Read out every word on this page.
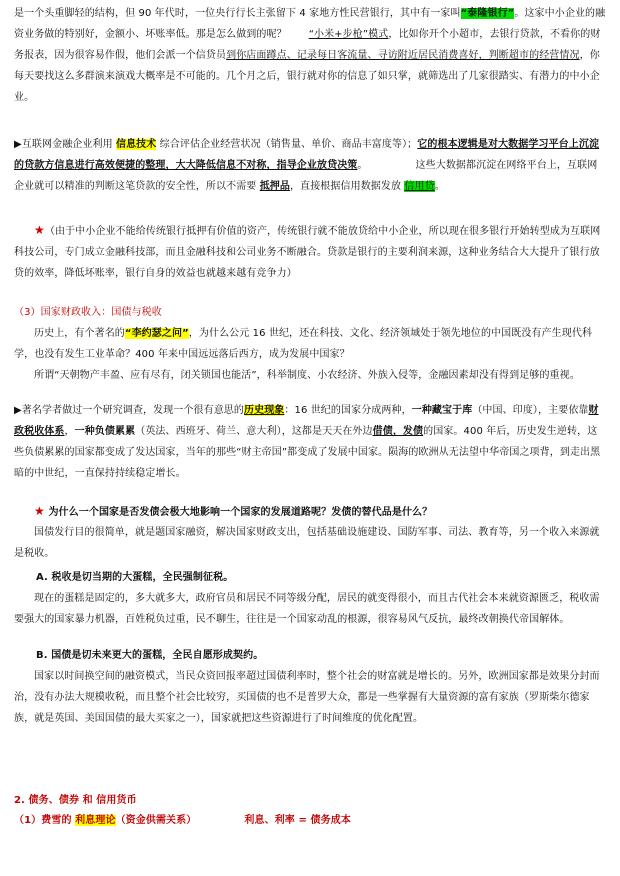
是一个头重脚轻的结构，但 90 年代时，一位央行行长主张留下 4 家地方性民营银行，其中有一家叫“泰隆银行”。这家中小企业的融资业务做的特别好，金额小、坏账率低。那是怎么做到的呢？ “小米+步枪”模式，比如你开个小超市，去银行贷款，不看你的财务报表，因为很容易作假，他们会派一个信贷员到你店面蹲点、记录每日客流量、寻访附近居民消费喜好，判断超市的经营情况，你每天要找这么多群演来演戏大概率是不可能的。几个月之后，银行就对你的信息了如只掌，就筛选出了几家很踏实、有潜力的中小企业。
▶互联网金融企业利用 信息技术 综合评估企业经营状况（销售量、单价、商品丰富度等）；它的根本逻辑是对大数据学习平台上沉淀的贷款方信息进行高效便捷的整理，大大降低信息不对称，指导企业放贷决策。	这些大数据都沉淀在网络平台上，互联网企业就可以精准的判断这笔贷款的安全性，所以不需要 抵押品，直接根据信用数据发放 信用贷。
★（由于中小企业不能给传统银行抵押有价值的资产，传统银行就不能放贷给中小企业，所以现在很多银行开始转型成为互联网科技公司，专门成立金融科技部，而且金融科技和公司业务不断融合。贷款是银行的主要利润来源，这种业务结合大大提升了银行放贷的效率，降低坏账率，银行自身的效益也就越来越有竞争力）
（3）国家财政收入：国债与税收
历史上，有个著名的“李约瑟之问”，为什么公元 16 世纪，还在科技、文化、经济领域处于领先地位的中国既没有产生现代科学，也没有发生工业革命？400 年来中国远远落后西方，成为发展中国家？
所谓“天朝物产丰盈、应有尽有，闭关锁国也能活”，科举制度、小农经济、外族入侵等，金融因素却没有得到足够的重视。
▶著名学者做过一个研究调查，发现一个很有意思的历史现象：16 世纪的国家分成两种，一种藏宝于库（中国、印度），主要依靠财政税收体系，一种负债累累（英法、西班牙、荷兰、意大利），这都是天天在外边借债，发债的国家。400 年后，历史发生逆转，这些负债累累的国家都变成了发达国家，当年的那些“财主帝国”都变成了发展中国家。陨海的欧洲从无法望中华帝国之项背，到走出黑暗的中世纪，一直保持持续稳定增长。
★ 为什么一个国家是否发债会极大地影响一个国家的发展道路呢？发债的替代品是什么？
国债发行目的很简单，就是题国家融资，解决国家财政支出，包括基础设施建设、国防军事、司法、教育等，另一个收入来源就是税收。
A. 税收是切当期的大蛋糕，全民强制征税。
现在的蛋糕是固定的，多大就多大，政府官员和居民不同等级分配，居民的就变得很小，而且古代社会本来就资源匮乏，税收需要强大的国家暴力机器，百姓税负过重，民不聊生，往往是一个国家动乱的根源，很容易风气反抗，最终改朝换代帝国解体。
B. 国债是切未来更大的蛋糕，全民自愿形成契约。
国家以时间换空间的融资模式，当民众资回报率超过国债利率时，整个社会的财富就是增长的。另外，欧洲国家都是效果分封而治，没有办法大规模收税，而且整个社会比较穷，买国债的也不是普罗大众，都是一些掌握有大量资源的富有家族（罗斯柴尔德家族，就是英国、美国国债的最大买家之一），国家就把这些资源进行了时间维度的优化配置。
2. 债务、债券 和 信用货币
（1）费雪的 利息理论（资金供需关系）	利息、利率 = 债务成本
